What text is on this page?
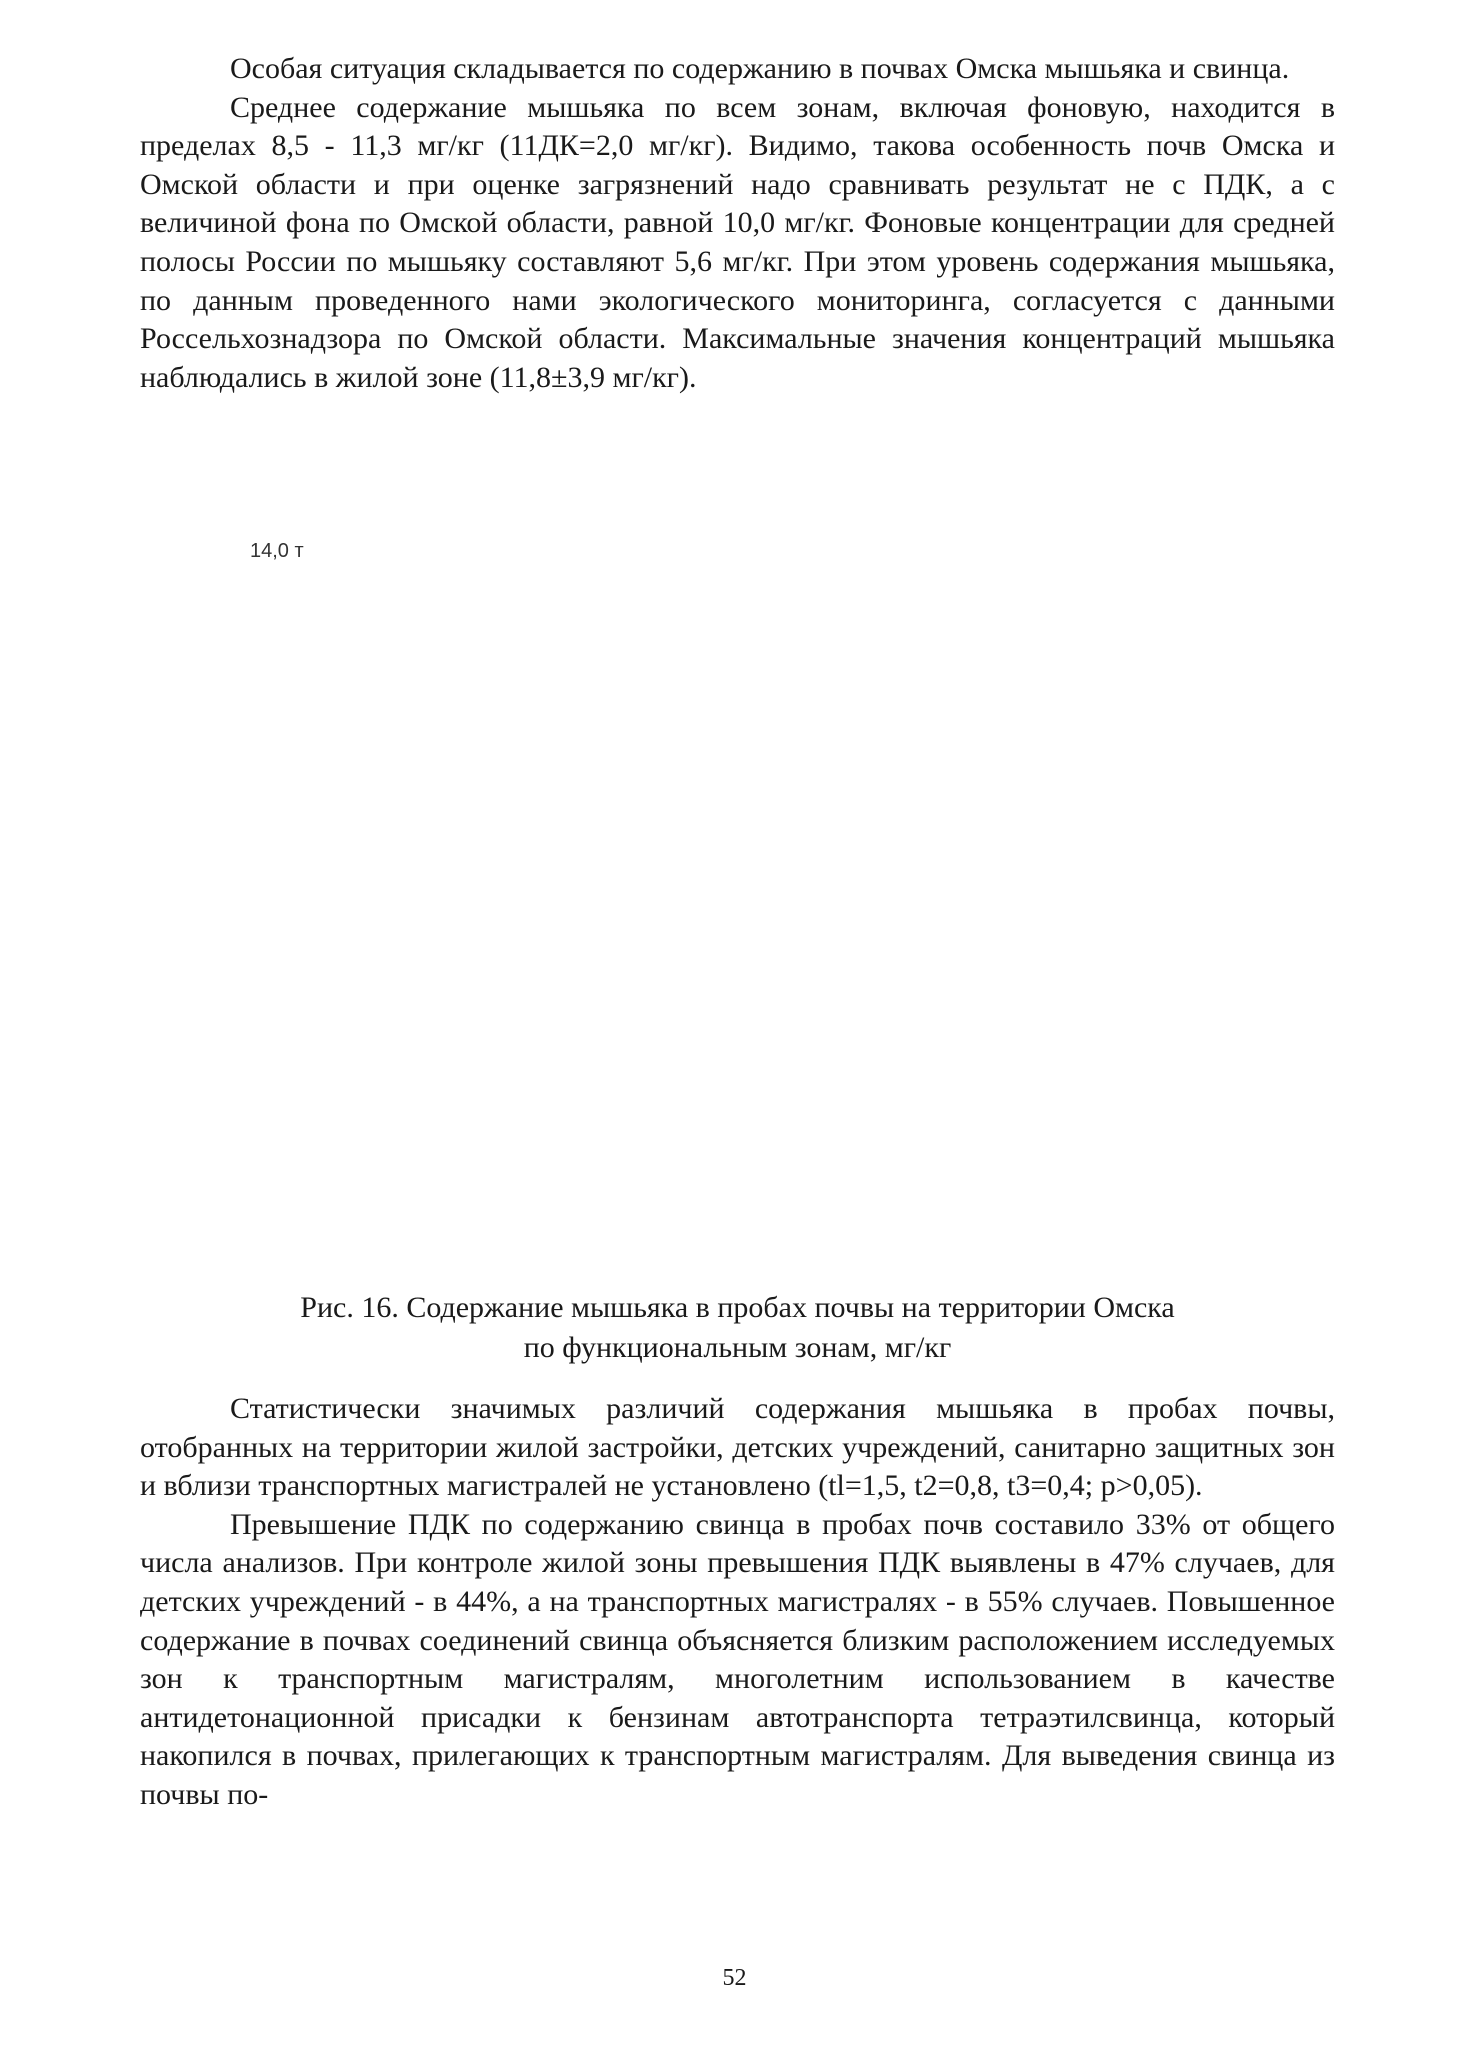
Особая ситуация складывается по содержанию в почвах Омска мышьяка и свинца.

Среднее содержание мышьяка по всем зонам, включая фоновую, находится в пределах 8,5 - 11,3 мг/кг (11ДК=2,0 мг/кг). Видимо, такова особенность почв Омска и Омской области и при оценке загрязнений надо сравнивать результат не с ПДК, а с величиной фона по Омской области, равной 10,0 мг/кг. Фоновые концентрации для средней полосы России по мышьяку составляют 5,6 мг/кг. При этом уровень содержания мышьяка, по данным проведенного нами экологического мониторинга, согласуется с данными Россельхознадзора по Омской области. Максимальные значения концентраций мышьяка наблюдались в жилой зоне (11,8±3,9 мг/кг).

14,0 т
Рис. 16. Содержание мышьяка в пробах почвы на территории Омска
по функциональным зонам, мг/кг

Статистически значимых различий содержания мышьяка в пробах почвы, отобранных на территории жилой застройки, детских учреждений, санитарно защитных зон и вблизи транспортных магистралей не установлено (tl=1,5, t2=0,8, t3=0,4; p>0,05).

Превышение ПДК по содержанию свинца в пробах почв составило 33% от общего числа анализов. При контроле жилой зоны превышения ПДК выявлены в 47% случаев, для детских учреждений - в 44%, а на транспортных магистралях - в 55% случаев. Повышенное содержание в почвах соединений свинца объясняется близким расположением исследуемых зон к транспортным магистралям, многолетним использованием в качестве антидетонационной присадки к бензинам автотранспорта тетраэтилсвинца, который накопился в почвах, прилегающих к транспортным магистралям. Для выведения свинца из почвы по-

52
